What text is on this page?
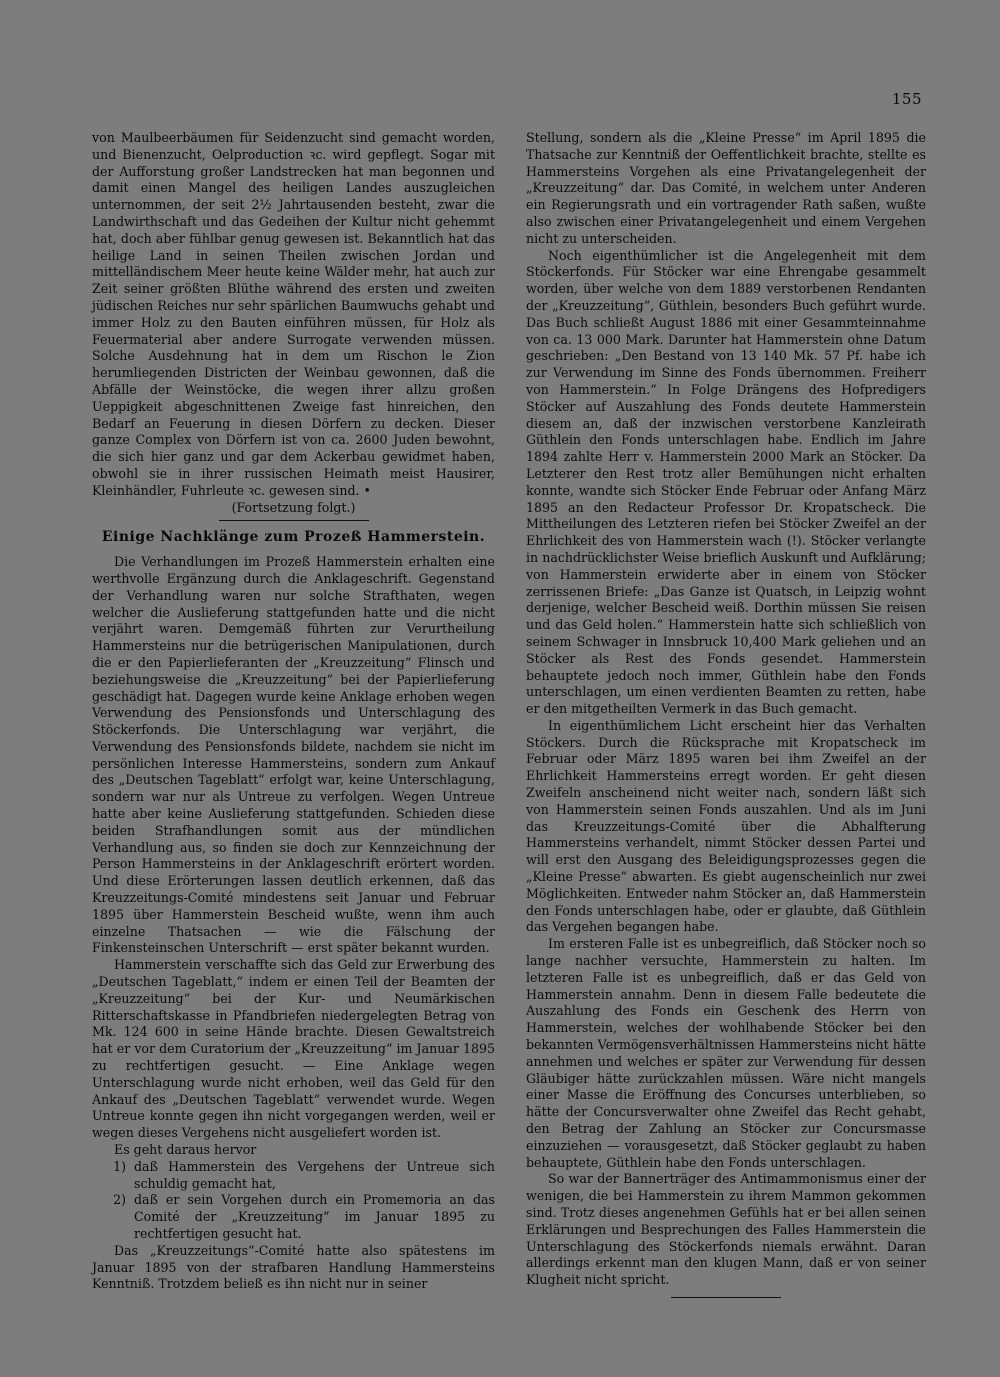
155

von Maulbeerbäumen für Seidenzucht sind gemacht worden, und Bienenzucht, Oelproduction ꝛc. wird gepflegt. Sogar mit der Aufforstung großer Landstrecken hat man begonnen und damit einen Mangel des heiligen Landes auszugleichen unternommen, der seit 2½ Jahrtausenden besteht, zwar die Landwirthschaft und das Gedeihen der Kultur nicht gehemmt hat, doch aber fühlbar genug gewesen ist. Bekanntlich hat das heilige Land in seinen Theilen zwischen Jordan und mittelländischem Meer heute keine Wälder mehr, hat auch zur Zeit seiner größten Blüthe während des ersten und zweiten jüdischen Reiches nur sehr spärlichen Baumwuchs gehabt und immer Holz zu den Bauten einführen müssen, für Holz als Feuermaterial aber andere Surrogate verwenden müssen. Solche Ausdehnung hat in dem um Rischon le Zion herumliegenden Districten der Weinbau gewonnen, daß die Abfälle der Weinstöcke, die wegen ihrer allzu großen Ueppigkeit abgeschnittenen Zweige fast hinreichen, den Bedarf an Feuerung in diesen Dörfern zu decken. Dieser ganze Complex von Dörfern ist von ca. 2600 Juden bewohnt, die sich hier ganz und gar dem Ackerbau gewidmet haben, obwohl sie in ihrer russischen Heimath meist Hausirer, Kleinhändler, Fuhrleute ꝛc. gewesen sind. •

(Fortsetzung folgt.)

Einige Nachklänge zum Prozeß Hammerstein.

Die Verhandlungen im Prozeß Hammerstein erhalten eine werthvolle Ergänzung durch die Anklageschrift. Gegenstand der Verhandlung waren nur solche Strafthaten, wegen welcher die Auslieferung stattgefunden hatte und die nicht verjährt waren. Demgemäß führten zur Verurtheilung Hammersteins nur die betrügerischen Manipulationen, durch die er den Papierlieferanten der „Kreuzzeitung“ Flinsch und beziehungsweise die „Kreuzzeitung“ bei der Papierlieferung geschädigt hat. Dagegen wurde keine Anklage erhoben wegen Verwendung des Pensionsfonds und Unterschlagung des Stöckerfonds. Die Unterschlagung war verjährt, die Verwendung des Pensionsfonds bildete, nachdem sie nicht im persönlichen Interesse Hammersteins, sondern zum Ankauf des „Deutschen Tageblatt“ erfolgt war, keine Unterschlagung, sondern war nur als Untreue zu verfolgen. Wegen Untreue hatte aber keine Auslieferung stattgefunden. Schieden diese beiden Strafhandlungen somit aus der mündlichen Verhandlung aus, so finden sie doch zur Kennzeichnung der Person Hammersteins in der Anklageschrift erörtert worden. Und diese Erörterungen lassen deutlich erkennen, daß das Kreuzzeitungs-Comité mindestens seit Januar und Februar 1895 über Hammerstein Bescheid wußte, wenn ihm auch einzelne Thatsachen — wie die Fälschung der Finkensteinschen Unterschrift — erst später bekannt wurden.

Hammerstein verschaffte sich das Geld zur Erwerbung des „Deutschen Tageblatt,“ indem er einen Teil der Beamten der „Kreuzzeitung“ bei der Kur- und Neumärkischen Ritterschaftskasse in Pfandbriefen niedergelegten Betrag von Mk. 124 600 in seine Hände brachte. Diesen Gewaltstreich hat er vor dem Curatorium der „Kreuzzeitung“ im Januar 1895 zu rechtfertigen gesucht. — Eine Anklage wegen Unterschlagung wurde nicht erhoben, weil das Geld für den Ankauf des „Deutschen Tageblatt“ verwendet wurde. Wegen Untreue konnte gegen ihn nicht vorgegangen werden, weil er wegen dieses Vergehens nicht ausgeliefert worden ist.

Es geht daraus hervor

1) daß Hammerstein des Vergehens der Untreue sich schuldig gemacht hat,
2) daß er sein Vorgehen durch ein Promemoria an das Comité der „Kreuzzeitung“ im Januar 1895 zu rechtfertigen gesucht hat.

Das „Kreuzzeitungs“-Comité hatte also spätestens im Januar 1895 von der strafbaren Handlung Hammersteins Kenntniß. Trotzdem beließ es ihn nicht nur in seiner

Stellung, sondern als die „Kleine Presse“ im April 1895 die Thatsache zur Kenntniß der Oeffentlichkeit brachte, stellte es Hammersteins Vorgehen als eine Privatangelegenheit der „Kreuzzeitung“ dar. Das Comité, in welchem unter Anderen ein Regierungsrath und ein vortragender Rath saßen, wußte also zwischen einer Privatangelegenheit und einem Vergehen nicht zu unterscheiden.

Noch eigenthümlicher ist die Angelegenheit mit dem Stöckerfonds. Für Stöcker war eine Ehrengabe gesammelt worden, über welche von dem 1889 verstorbenen Rendanten der „Kreuzzeitung“, Güthlein, besonders Buch geführt wurde. Das Buch schließt August 1886 mit einer Gesammteinnahme von ca. 13 000 Mark. Darunter hat Hammerstein ohne Datum geschrieben: „Den Bestand von 13 140 Mk. 57 Pf. habe ich zur Verwendung im Sinne des Fonds übernommen. Freiherr von Hammerstein.“ In Folge Drängens des Hofpredigers Stöcker auf Auszahlung des Fonds deutete Hammerstein diesem an, daß der inzwischen verstorbene Kanzleirath Güthlein den Fonds unterschlagen habe. Endlich im Jahre 1894 zahlte Herr v. Hammerstein 2000 Mark an Stöcker. Da Letzterer den Rest trotz aller Bemühungen nicht erhalten konnte, wandte sich Stöcker Ende Februar oder Anfang März 1895 an den Redacteur Professor Dr. Kropatscheck. Die Mittheilungen des Letzteren riefen bei Stöcker Zweifel an der Ehrlichkeit des von Hammerstein wach (!). Stöcker verlangte in nachdrücklichster Weise brieflich Auskunft und Aufklärung; von Hammerstein erwiderte aber in einem von Stöcker zerrissenen Briefe: „Das Ganze ist Quatsch, in Leipzig wohnt derjenige, welcher Bescheid weiß. Dorthin müssen Sie reisen und das Geld holen.“ Hammerstein hatte sich schließlich von seinem Schwager in Innsbruck 10,400 Mark geliehen und an Stöcker als Rest des Fonds gesendet. Hammerstein behauptete jedoch noch immer, Güthlein habe den Fonds unterschlagen, um einen verdienten Beamten zu retten, habe er den mitgetheilten Vermerk in das Buch gemacht.

In eigenthümlichem Licht erscheint hier das Verhalten Stöckers. Durch die Rücksprache mit Kropatscheck im Februar oder März 1895 waren bei ihm Zweifel an der Ehrlichkeit Hammersteins erregt worden. Er geht diesen Zweifeln anscheinend nicht weiter nach, sondern läßt sich von Hammerstein seinen Fonds auszahlen. Und als im Juni das Kreuzzeitungs-Comité über die Abhalfterung Hammersteins verhandelt, nimmt Stöcker dessen Partei und will erst den Ausgang des Beleidigungsprozesses gegen die „Kleine Presse“ abwarten. Es giebt augenscheinlich nur zwei Möglichkeiten. Entweder nahm Stöcker an, daß Hammerstein den Fonds unterschlagen habe, oder er glaubte, daß Güthlein das Vergehen begangen habe.

Im ersteren Falle ist es unbegreiflich, daß Stöcker noch so lange nachher versuchte, Hammerstein zu halten. Im letzteren Falle ist es unbegreiflich, daß er das Geld von Hammerstein annahm. Denn in diesem Falle bedeutete die Auszahlung des Fonds ein Geschenk des Herrn von Hammerstein, welches der wohlhabende Stöcker bei den bekannten Vermögensverhältnissen Hammersteins nicht hätte annehmen und welches er später zur Verwendung für dessen Gläubiger hätte zurückzahlen müssen. Wäre nicht mangels einer Masse die Eröffnung des Concurses unterblieben, so hätte der Concursverwalter ohne Zweifel das Recht gehabt, den Betrag der Zahlung an Stöcker zur Concursmasse einzuziehen — vorausgesetzt, daß Stöcker geglaubt zu haben behauptete, Güthlein habe den Fonds unterschlagen.

So war der Bannerträger des Antimammonismus einer der wenigen, die bei Hammerstein zu ihrem Mammon gekommen sind. Trotz dieses angenehmen Gefühls hat er bei allen seinen Erklärungen und Besprechungen des Falles Hammerstein die Unterschlagung des Stöckerfonds niemals erwähnt. Daran allerdings erkennt man den klugen Mann, daß er von seiner Klugheit nicht spricht.
